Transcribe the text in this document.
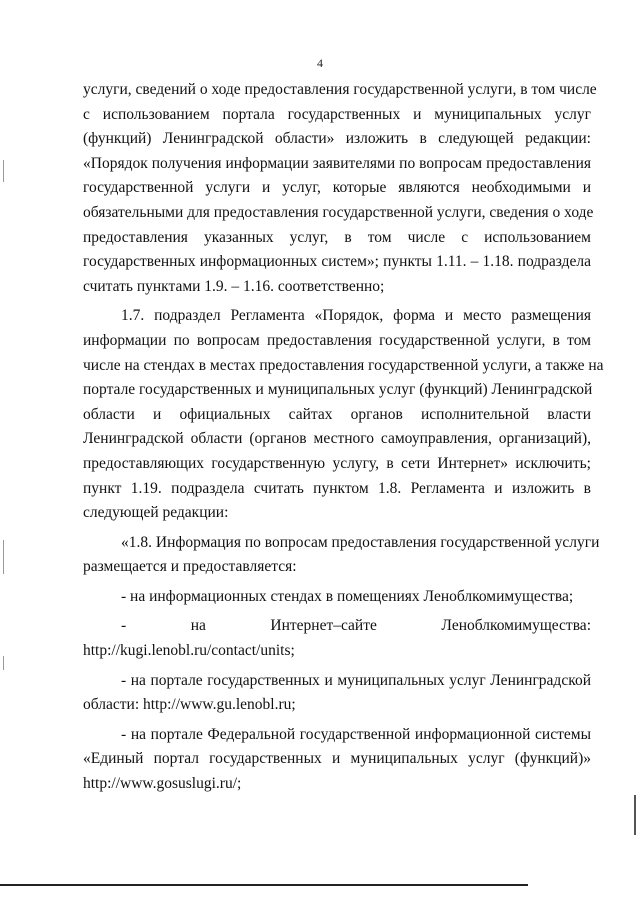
4
услуги, сведений о ходе предоставления государственной услуги, в том числе
с использованием портала государственных и муниципальных услуг
(функций) Ленинградской области» изложить в следующей редакции:
«Порядок получения информации заявителями по вопросам предоставления
государственной услуги и услуг, которые являются необходимыми и
обязательными для предоставления государственной услуги, сведения о ходе
предоставления указанных услуг, в том числе с использованием
государственных информационных систем»; пункты 1.11. – 1.18. подраздела
считать пунктами 1.9. – 1.16. соответственно;
1.7. подраздел Регламента «Порядок, форма и место размещения
информации по вопросам предоставления государственной услуги, в том
числе на стендах в местах предоставления государственной услуги, а также на
портале государственных и муниципальных услуг (функций) Ленинградской
области и официальных сайтах органов исполнительной власти
Ленинградской области (органов местного самоуправления, организаций),
предоставляющих государственную услугу, в сети Интернет» исключить;
пункт 1.19. подраздела считать пунктом 1.8. Регламента и изложить в
следующей редакции:
«1.8. Информация по вопросам предоставления государственной услуги
размещается и предоставляется:
- на информационных стендах в помещениях Леноблкомимущества;
- на Интернет–сайте Леноблкомимущества:
http://kugi.lenobl.ru/contact/units;
- на портале государственных и муниципальных услуг Ленинградской
области: http://www.gu.lenobl.ru;
- на портале Федеральной государственной информационной системы
«Единый портал государственных и муниципальных услуг (функций)»
http://www.gosuslugi.ru/;
